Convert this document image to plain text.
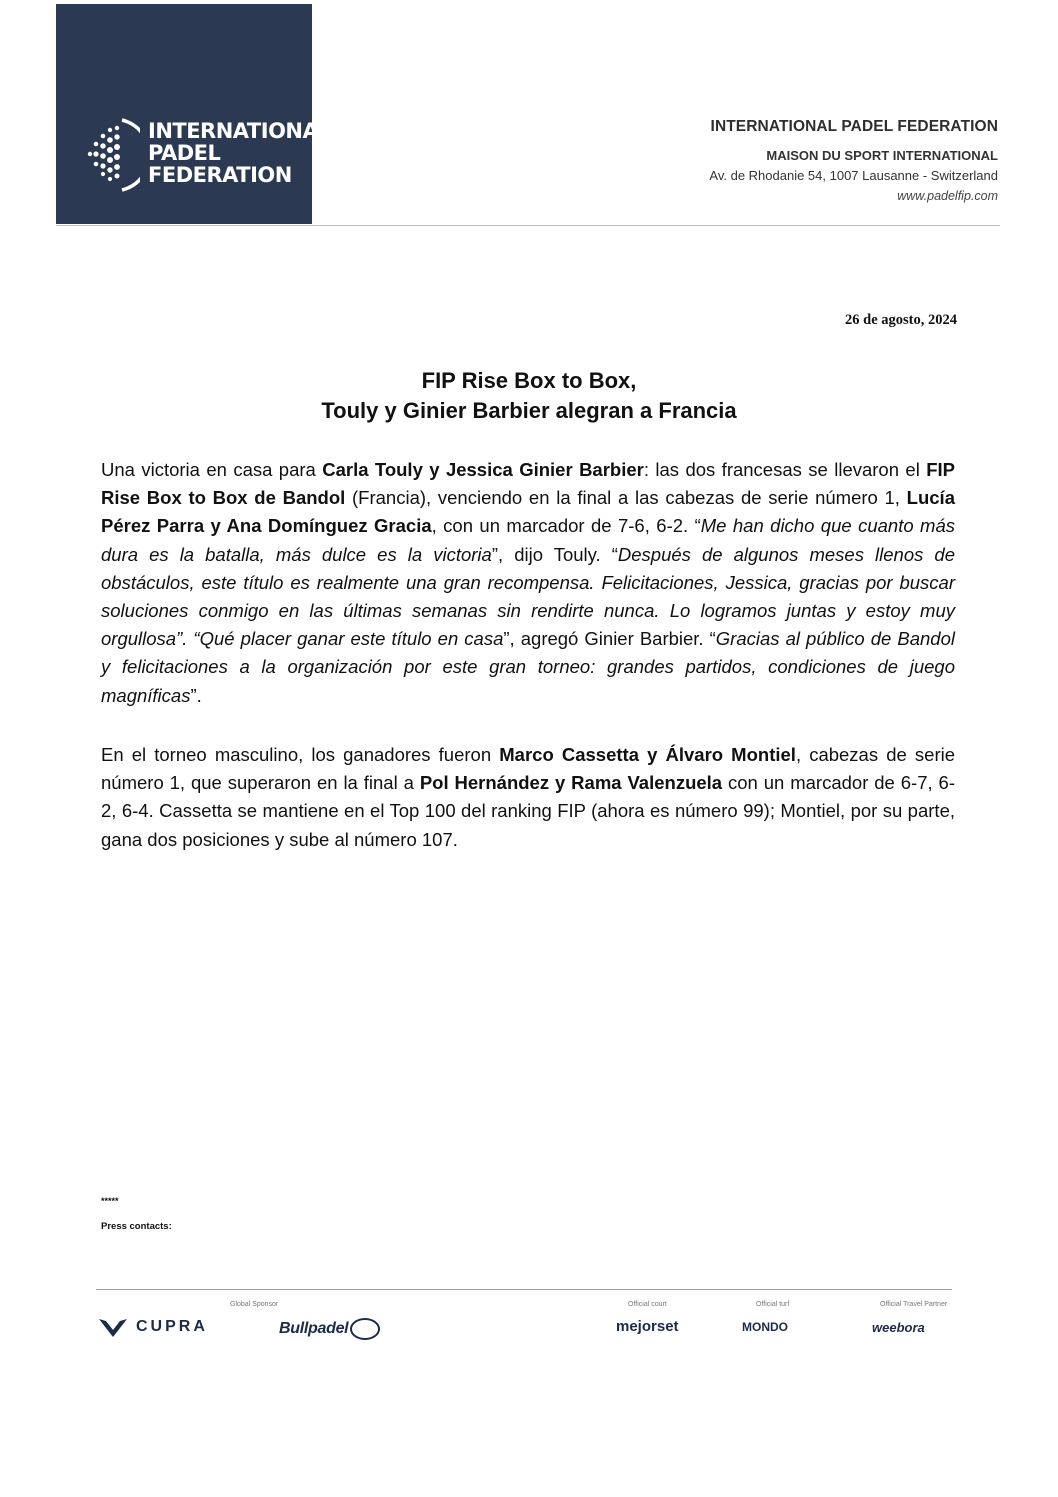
INTERNATIONAL
PADEL
FEDERATION
INTERNATIONAL PADEL FEDERATION
MAISON DU SPORT INTERNATIONAL
Av. de Rhodanie 54, 1007 Lausanne - Switzerland
www.padelfip.com
26 de agosto, 2024
FIP Rise Box to Box,
Touly y Ginier Barbier alegran a Francia
Una victoria en casa para Carla Touly y Jessica Ginier Barbier: las dos francesas se llevaron el FIP Rise Box to Box de Bandol (Francia), venciendo en la final a las cabezas de serie número 1, Lucía Pérez Parra y Ana Domínguez Gracia, con un marcador de 7-6, 6-2. “Me han dicho que cuanto más dura es la batalla, más dulce es la victoria”, dijo Touly. “Después de algunos meses llenos de obstáculos, este título es realmente una gran recompensa. Felicitaciones, Jessica, gracias por buscar soluciones conmigo en las últimas semanas sin rendirte nunca. Lo logramos juntas y estoy muy orgullosa”. “Qué placer ganar este título en casa”, agregó Ginier Barbier. “Gracias al público de Bandol y felicitaciones a la organización por este gran torneo: grandes partidos, condiciones de juego magníficas”.
En el torneo masculino, los ganadores fueron Marco Cassetta y Álvaro Montiel, cabezas de serie número 1, que superaron en la final a Pol Hernández y Rama Valenzuela con un marcador de 6-7, 6-2, 6-4. Cassetta se mantiene en el Top 100 del ranking FIP (ahora es número 99); Montiel, por su parte, gana dos posiciones y sube al número 107.
*****
Press contacts:
Global Sponsor	Official court	Official turf	Official Travel Partner
CUPRA	Bullpadel	mejorset	MONDO	weebora
